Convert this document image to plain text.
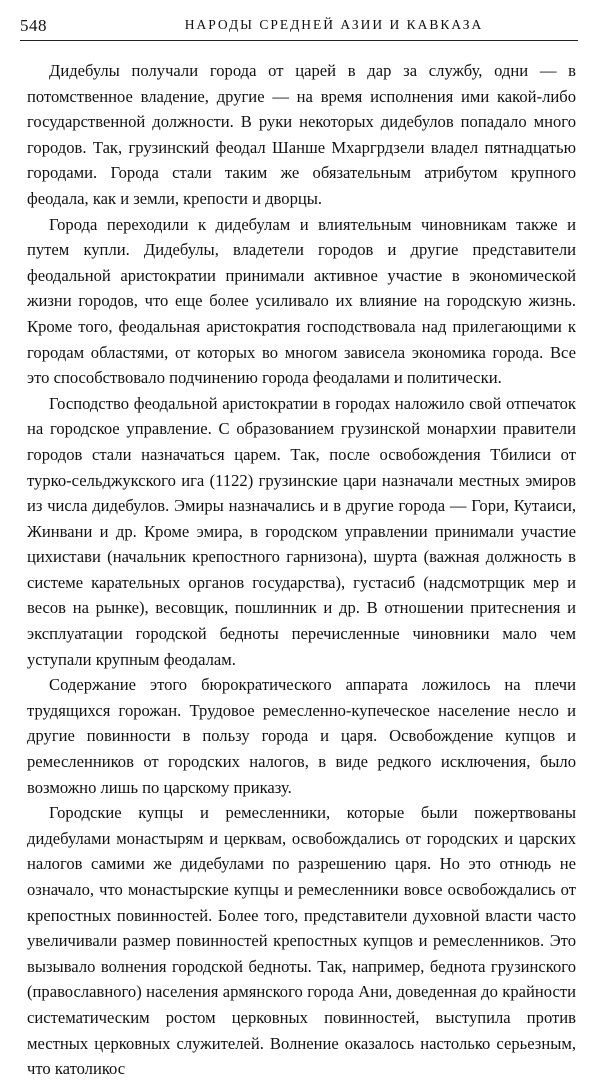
548	НАРОДЫ СРЕДНЕЙ АЗИИ И КАВКАЗА

Дидебулы получали города от царей в дар за службу, одни — в потомственное владение, другие — на время исполнения ими какой-либо государственной должности. В руки некоторых дидебулов попадало много городов. Так, грузинский феодал Шанше Мхаргрдзели владел пятнадцатью городами. Города стали таким же обязательным атрибутом крупного феодала, как и земли, крепости и дворцы.

Города переходили к дидебулам и влиятельным чиновникам также и путем купли. Дидебулы, владетели городов и другие представители феодальной аристократии принимали активное участие в экономической жизни городов, что еще более усиливало их влияние на городскую жизнь. Кроме того, феодальная аристократия господствовала над прилегающими к городам областями, от которых во многом зависела экономика города. Все это способствовало подчинению города феодалами и политически.

Господство феодальной аристократии в городах наложило свой отпечаток на городское управление. С образованием грузинской монархии правители городов стали назначаться царем. Так, после освобождения Тбилиси от турко-сельджукского ига (1122) грузинские цари назначали местных эмиров из числа дидебулов. Эмиры назначались и в другие города — Гори, Кутаиси, Жинвани и др. Кроме эмира, в городском управлении принимали участие цихистави (начальник крепостного гарнизона), шуртa (важная должность в системе карательных органов государства), густасиб (надсмотрщик мер и весов на рынке), весовщик, пошлинник и др. В отношении притеснения и эксплуатации городской бедноты перечисленные чиновники мало чем уступали крупным феодалам.

Содержание этого бюрократического аппарата ложилось на плечи трудящихся горожан. Трудовое ремесленно-купеческое население несло и другие повинности в пользу города и царя. Освобождение купцов и ремесленников от городских налогов, в виде редкого исключения, было возможно лишь по царскому приказу.

Городские купцы и ремесленники, которые были пожертвованы дидебулами монастырям и церквам, освобождались от городских и царских налогов самими же дидебулами по разрешению царя. Но это отнюдь не означало, что монастырские купцы и ремесленники вовсе освобождались от крепостных повинностей. Более того, представители духовной власти часто увеличивали размер повинностей крепостных купцов и ремесленников. Это вызывало волнения городской бедноты. Так, например, беднота грузинского (православного) населения армянского города Ани, доведенная до крайности систематическим ростом церковных повинностей, выступила против местных церковных служителей. Волнение оказалось настолько серьезным, что католикос
